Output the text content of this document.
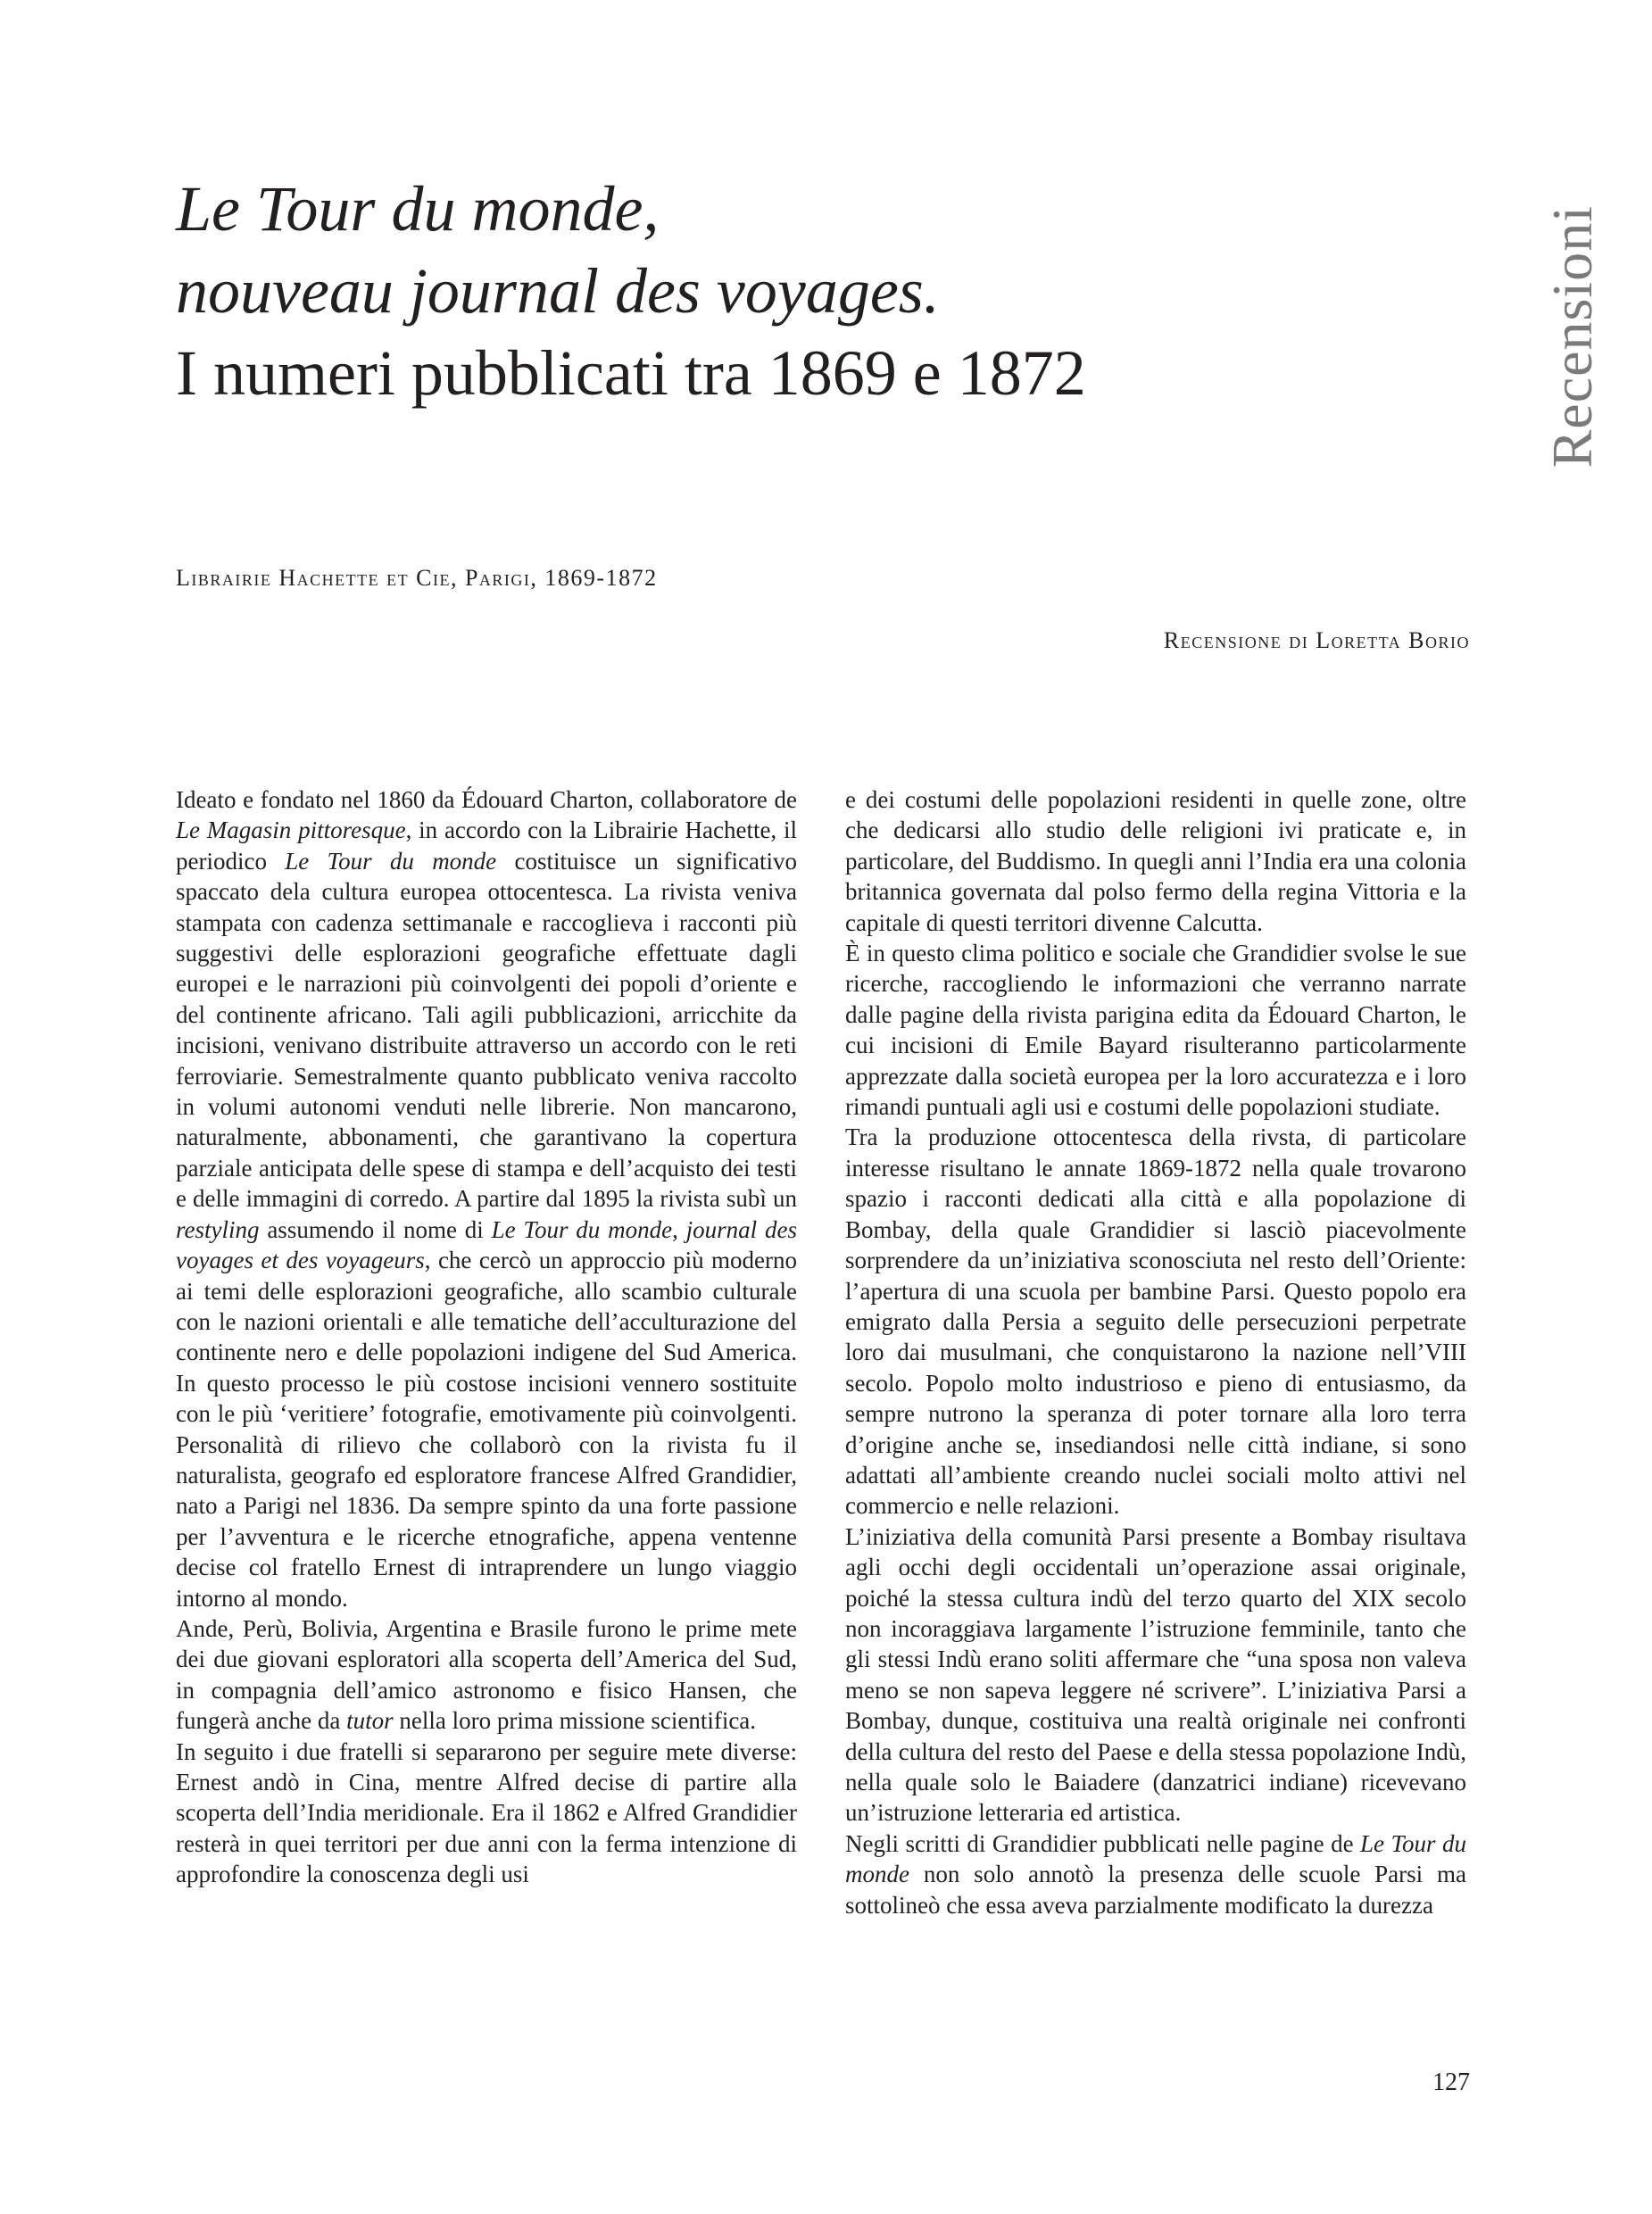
Le Tour du monde,
nouveau journal des voyages.
I numeri pubblicati tra 1869 e 1872	Recensioni
Librairie Hachette et Cie, Parigi, 1869-1872
Recensione di Loretta Borio

Ideato e fondato nel 1860 da Édouard Charton, collaboratore de Le Magasin pittoresque, in accordo con la Librairie Hachette, il periodico Le Tour du monde costituisce un significativo spaccato dela cultura europea ottocentesca. La rivista veniva stampata con cadenza settimanale e raccoglieva i racconti più suggestivi delle esplorazioni geografiche effettuate dagli europei e le narrazioni più coinvolgenti dei popoli d’oriente e del continente africano. Tali agili pubblicazioni, arricchite da incisioni, venivano distribuite attraverso un accordo con le reti ferroviarie. Semestralmente quanto pubblicato veniva raccolto in volumi autonomi venduti nelle librerie. Non mancarono, naturalmente, abbonamenti, che garantivano la copertura parziale anticipata delle spese di stampa e dell’acquisto dei testi e delle immagini di corredo. A partire dal 1895 la rivista subì un restyling assumendo il nome di Le Tour du monde, journal des voyages et des voyageurs, che cercò un approccio più moderno ai temi delle esplorazioni geografiche, allo scambio culturale con le nazioni orientali e alle tematiche dell’acculturazione del continente nero e delle popolazioni indigene del Sud America. In questo processo le più costose incisioni vennero sostituite con le più ‘veritiere’ fotografie, emotivamente più coinvolgenti. Personalità di rilievo che collaborò con la rivista fu il naturalista, geografo ed esploratore francese Alfred Grandidier, nato a Parigi nel 1836. Da sempre spinto da una forte passione per l’avventura e le ricerche etnografiche, appena ventenne decise col fratello Ernest di intraprendere un lungo viaggio intorno al mondo.

Ande, Perù, Bolivia, Argentina e Brasile furono le prime mete dei due giovani esploratori alla scoperta dell’America del Sud, in compagnia dell’amico astronomo e fisico Hansen, che fungerà anche da tutor nella loro prima missione scientifica.

In seguito i due fratelli si separarono per seguire mete diverse: Ernest andò in Cina, mentre Alfred decise di partire alla scoperta dell’India meridionale. Era il 1862 e Alfred Grandidier resterà in quei territori per due anni con la ferma intenzione di approfondire la conoscenza degli usi

e dei costumi delle popolazioni residenti in quelle zone, oltre che dedicarsi allo studio delle religioni ivi praticate e, in particolare, del Buddismo. In quegli anni l’India era una colonia britannica governata dal polso fermo della regina Vittoria e la capitale di questi territori divenne Calcutta.

È in questo clima politico e sociale che Grandidier svolse le sue ricerche, raccogliendo le informazioni che verranno narrate dalle pagine della rivista parigina edita da Édouard Charton, le cui incisioni di Emile Bayard risulteranno particolarmente apprezzate dalla società europea per la loro accuratezza e i loro rimandi puntuali agli usi e costumi delle popolazioni studiate.

Tra la produzione ottocentesca della rivsta, di particolare interesse risultano le annate 1869-1872 nella quale trovarono spazio i racconti dedicati alla città e alla popolazione di Bombay, della quale Grandidier si lasciò piacevolmente sorprendere da un’iniziativa sconosciuta nel resto dell’Oriente: l’apertura di una scuola per bambine Parsi. Questo popolo era emigrato dalla Persia a seguito delle persecuzioni perpetrate loro dai musulmani, che conquistarono la nazione nell’VIII secolo. Popolo molto industrioso e pieno di entusiasmo, da sempre nutrono la speranza di poter tornare alla loro terra d’origine anche se, insediandosi nelle città indiane, si sono adattati all’ambiente creando nuclei sociali molto attivi nel commercio e nelle relazioni.

L’iniziativa della comunità Parsi presente a Bombay risultava agli occhi degli occidentali un’operazione assai originale, poiché la stessa cultura indù del terzo quarto del XIX secolo non incoraggiava largamente l’istruzione femminile, tanto che gli stessi Indù erano soliti affermare che “una sposa non valeva meno se non sapeva leggere né scrivere”. L’iniziativa Parsi a Bombay, dunque, costituiva una realtà originale nei confronti della cultura del resto del Paese e della stessa popolazione Indù, nella quale solo le Baiadere (danzatrici indiane) ricevevano un’istruzione letteraria ed artistica.

Negli scritti di Grandidier pubblicati nelle pagine de Le Tour du monde non solo annotò la presenza delle scuole Parsi ma sottolineò che essa aveva parzialmente modificato la durezza

127
